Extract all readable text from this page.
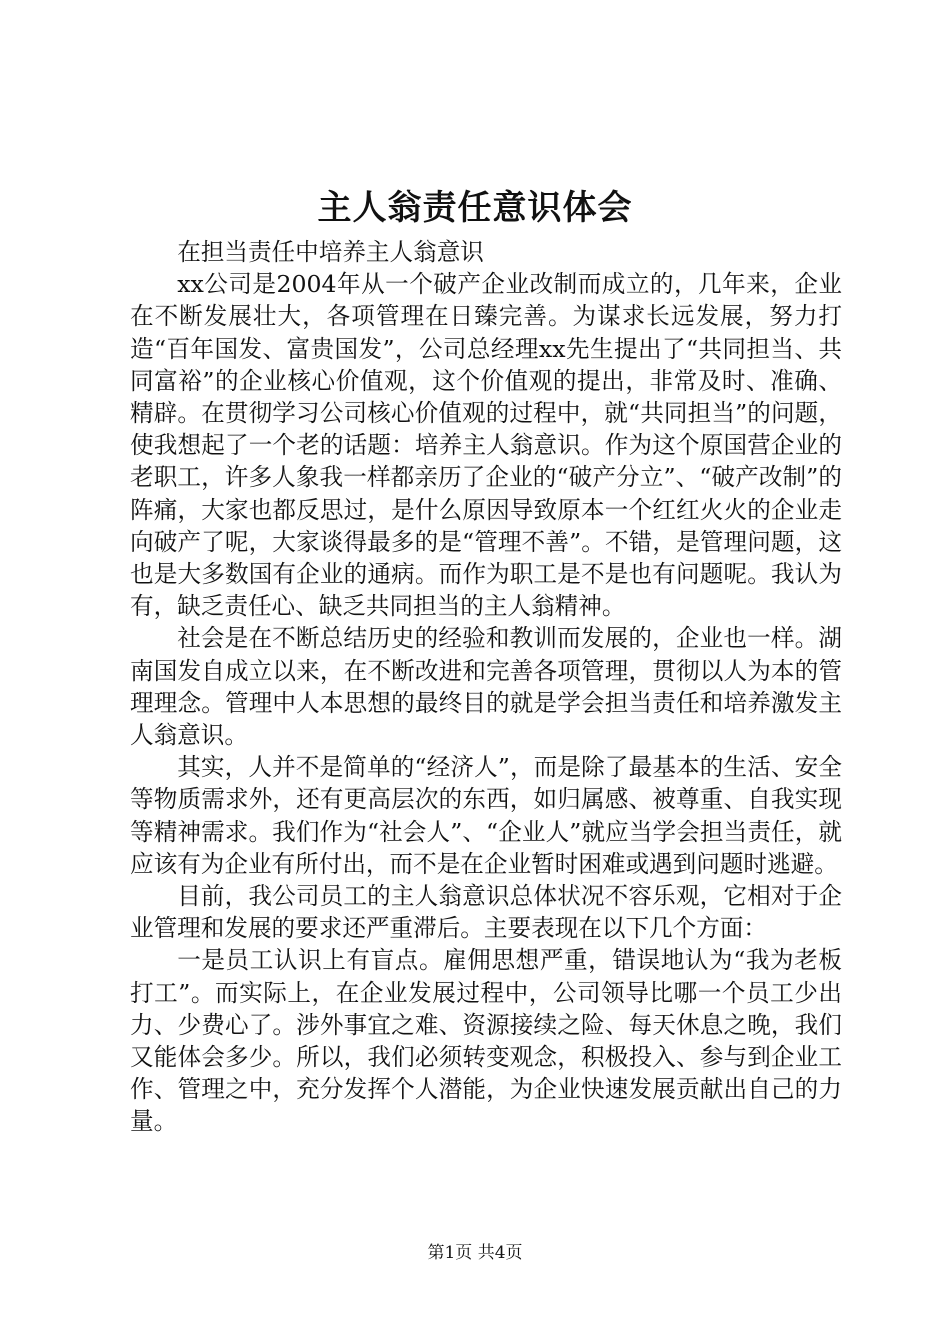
主人翁责任意识体会

在担当责任中培养主人翁意识

xx公司是2004年从一个破产企业改制而成立的，几年来，企业在不断发展壮大，各项管理在日臻完善。为谋求长远发展，努力打造“百年国发、富贵国发”，公司总经理xx先生提出了“共同担当、共同富裕”的企业核心价值观，这个价值观的提出，非常及时、准确、精辟。在贯彻学习公司核心价值观的过程中，就“共同担当”的问题，使我想起了一个老的话题：培养主人翁意识。作为这个原国营企业的老职工，许多人象我一样都亲历了企业的“破产分立”、“破产改制”的阵痛，大家也都反思过，是什么原因导致原本一个红红火火的企业走向破产了呢，大家谈得最多的是“管理不善”。不错，是管理问题，这也是大多数国有企业的通病。而作为职工是不是也有问题呢。我认为有，缺乏责任心、缺乏共同担当的主人翁精神。

社会是在不断总结历史的经验和教训而发展的，企业也一样。湖南国发自成立以来，在不断改进和完善各项管理，贯彻以人为本的管理理念。管理中人本思想的最终目的就是学会担当责任和培养激发主人翁意识。

其实，人并不是简单的“经济人”，而是除了最基本的生活、安全等物质需求外，还有更高层次的东西，如归属感、被尊重、自我实现等精神需求。我们作为“社会人”、“企业人”就应当学会担当责任，就应该有为企业有所付出，而不是在企业暂时困难或遇到问题时逃避。

目前，我公司员工的主人翁意识总体状况不容乐观，它相对于企业管理和发展的要求还严重滞后。主要表现在以下几个方面：

一是员工认识上有盲点。雇佣思想严重，错误地认为“我为老板打工”。而实际上，在企业发展过程中，公司领导比哪一个员工少出力、少费心了。涉外事宜之难、资源接续之险、每天休息之晚，我们又能体会多少。所以，我们必须转变观念，积极投入、参与到企业工作、管理之中，充分发挥个人潜能，为企业快速发展贡献出自己的力量。

第1页 共4页
